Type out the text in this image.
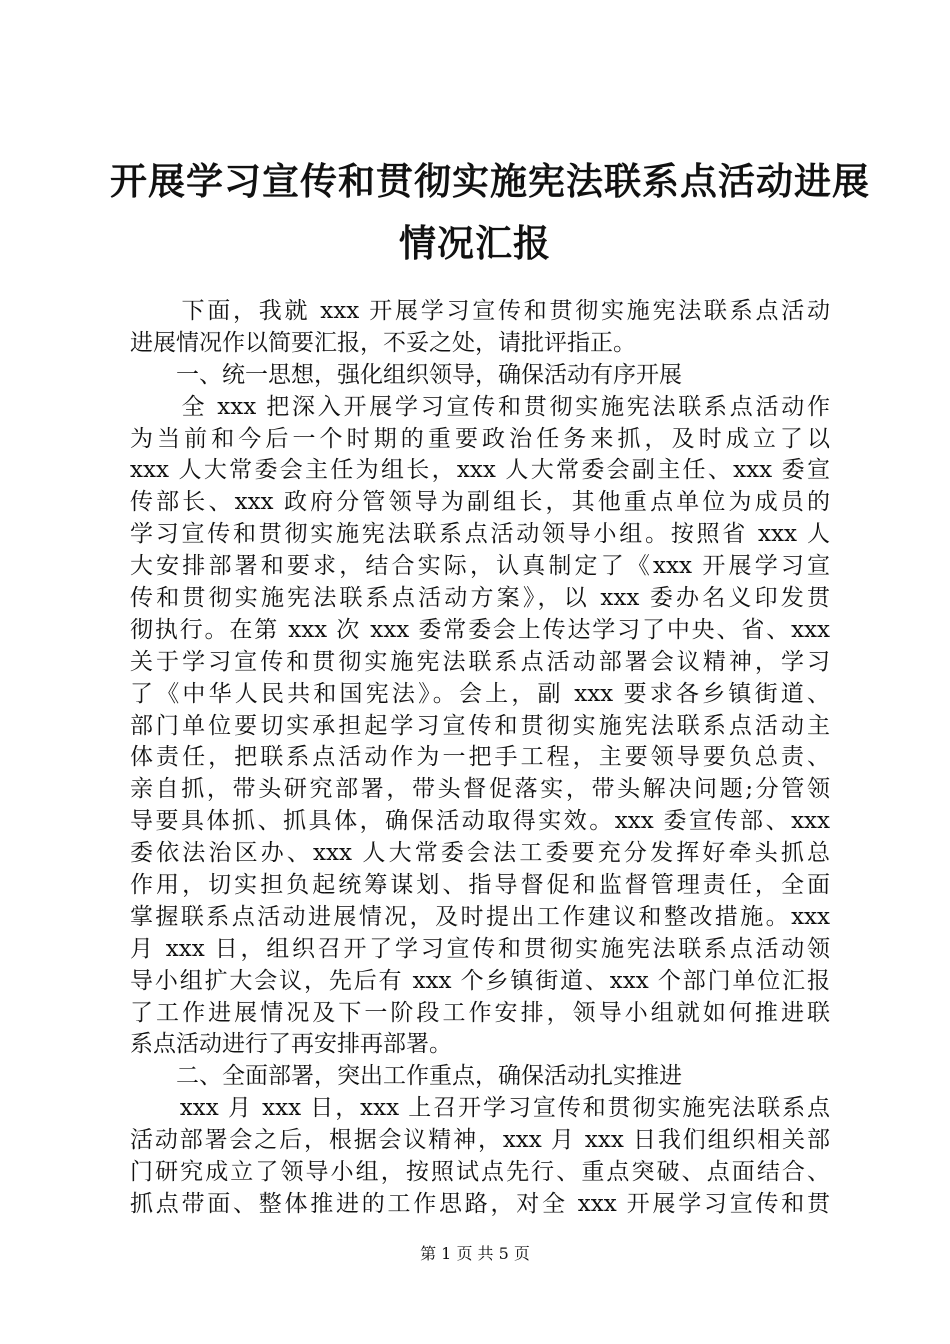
开展学习宣传和贯彻实施宪法联系点活动进展
情况汇报
　　下面，我就 xxx 开展学习宣传和贯彻实施宪法联系点活动
进展情况作以简要汇报，不妥之处，请批评指正。
　　一、统一思想，强化组织领导，确保活动有序开展
　　全 xxx 把深入开展学习宣传和贯彻实施宪法联系点活动作
为当前和今后一个时期的重要政治任务来抓，及时成立了以
xxx 人大常委会主任为组长，xxx 人大常委会副主任、xxx 委宣
传部长、xxx 政府分管领导为副组长，其他重点单位为成员的
学习宣传和贯彻实施宪法联系点活动领导小组。按照省 xxx 人
大安排部署和要求，结合实际，认真制定了《xxx 开展学习宣
传和贯彻实施宪法联系点活动方案》，以 xxx 委办名义印发贯
彻执行。在第 xxx 次 xxx 委常委会上传达学习了中央、省、xxx
关于学习宣传和贯彻实施宪法联系点活动部署会议精神，学习
了《中华人民共和国宪法》。会上，副 xxx 要求各乡镇街道、
部门单位要切实承担起学习宣传和贯彻实施宪法联系点活动主
体责任，把联系点活动作为一把手工程，主要领导要负总责、
亲自抓，带头研究部署，带头督促落实，带头解决问题;分管领
导要具体抓、抓具体，确保活动取得实效。xxx 委宣传部、xxx
委依法治区办、xxx 人大常委会法工委要充分发挥好牵头抓总
作用，切实担负起统筹谋划、指导督促和监督管理责任，全面
掌握联系点活动进展情况，及时提出工作建议和整改措施。xxx
月 xxx 日，组织召开了学习宣传和贯彻实施宪法联系点活动领
导小组扩大会议，先后有 xxx 个乡镇街道、xxx 个部门单位汇报
了工作进展情况及下一阶段工作安排，领导小组就如何推进联
系点活动进行了再安排再部署。
　　二、全面部署，突出工作重点，确保活动扎实推进
　　xxx 月 xxx 日，xxx 上召开学习宣传和贯彻实施宪法联系点
活动部署会之后，根据会议精神，xxx 月 xxx 日我们组织相关部
门研究成立了领导小组，按照试点先行、重点突破、点面结合、
抓点带面、整体推进的工作思路，对全 xxx 开展学习宣传和贯
第 1 页 共 5 页
